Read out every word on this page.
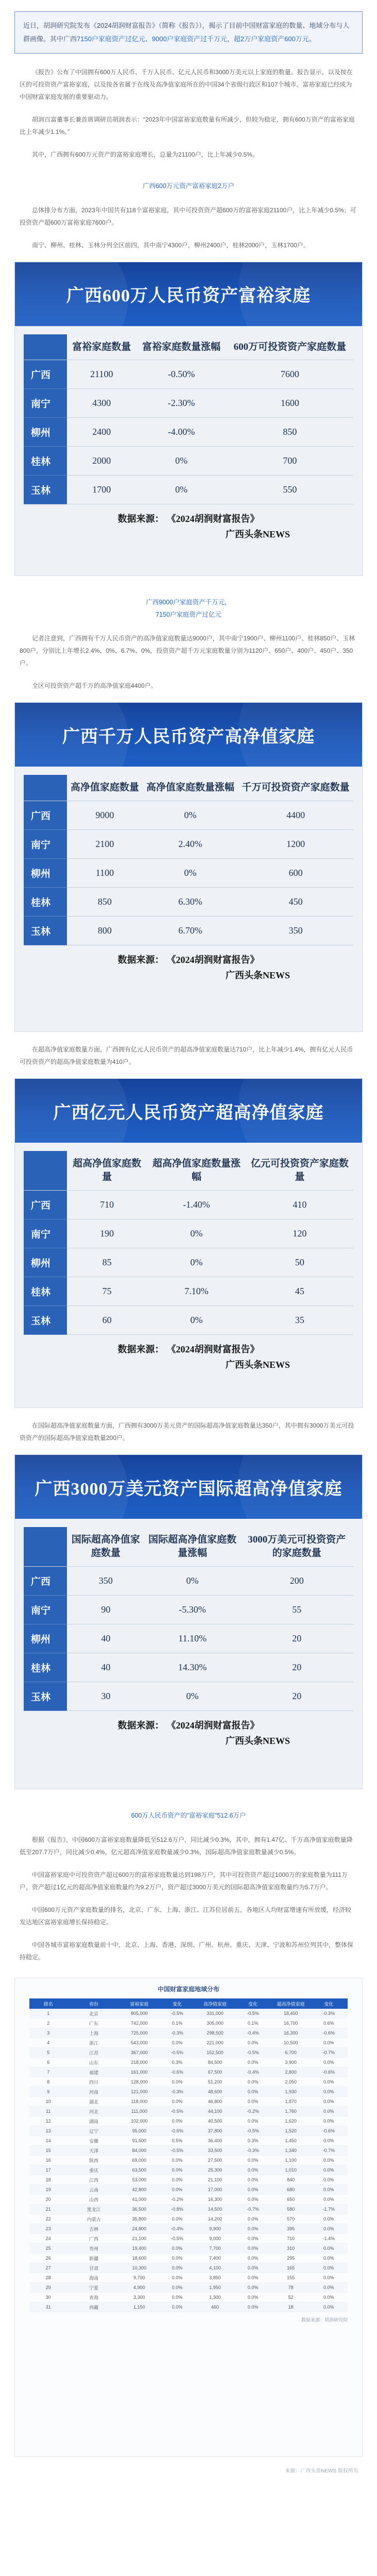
近日，胡润研究院发布《2024胡润财富报告》（简称《报告》），揭示了目前中国财富家庭的数量、地域分布与人群画像。其中广西7150户家庭资产过亿元、9000户家庭资产过千万元，超2万户家庭资产600万元。

《报告》公布了中国拥有600万人民币、千万人民币、亿元人民币和3000万美元以上家庭的数量。报告显示，以及按在区的可投资资产富裕家庭，以及按各省属于在线及高净值家庭所在的中国34个省级行政区和107个城市。富裕家庭已经成为中国财富家庭发展的重要驱动力。

胡润百富董事长兼首席调研员胡润表示：“2023年中国富裕家庭数量有所减少，但较为稳定，拥有600万资产的富裕家庭比上年减少1.1%。”

其中，广西拥有600万元资产的富裕家庭增长，总量为21100户，比上年减少0.5%。

广西600万元资产富裕家庭2万户

总体排分布方面，2023年中国共有118个富裕家庭，其中可投资资产超600万的富裕家庭21100户，比上年减少0.5%；可投资资产超600万富裕家庭7600户。

南宁、柳州、桂林、玉林分列全区前四，其中南宁4300户，柳州2400户，桂林2000户，玉林1700户。

广西600万人民币资产富裕家庭
	富裕家庭数量	富裕家庭数量涨幅	600万可投资资产家庭数量
广西	21100	-0.50%	7600
南宁	4300	-2.30%	1600
柳州	2400	-4.00%	850
桂林	2000	0%	700
玉林	1700	0%	550
数据来源： 《2024胡润财富报告》
广西头条NEWS
广西9000户家庭资产千万元，
7150户家庭资产过亿元

记者注意到，广西拥有千万人民币资产的高净值家庭数量达9000户，其中南宁1900户、柳州1100户、桂林850户、玉林800户，分别比上年增长2.4%、0%、6.7%、0%，投资资产超千万元家庭数量分别为1120户、650户、400户、450户、350户。

全区可投资资产超千万的高净值家庭4400户。

广西千万人民币资产高净值家庭
	高净值家庭数量	高净值家庭数量涨幅	千万可投资资产家庭数量
广西	9000	0%	4400
南宁	2100	2.40%	1200
柳州	1100	0%	600
桂林	850	6.30%	450
玉林	800	6.70%	350
数据来源： 《2024胡润财富报告》
广西头条NEWS

在超高净值家庭数量方面，广西拥有亿元人民币资产的超高净值家庭数量达710户，比上年减少1.4%，拥有亿元人民币可投资资产的超高净值家庭数量为410户。

广西亿元人民币资产超高净值家庭
	超高净值家庭数量	超高净值家庭数量涨幅	亿元可投资资产家庭数量
广西	710	-1.40%	410
南宁	190	0%	120
柳州	85	0%	50
桂林	75	7.10%	45
玉林	60	0%	35
数据来源： 《2024胡润财富报告》
广西头条NEWS

在国际超高净值家庭数量方面，广西拥有3000万美元资产的国际超高净值家庭数量达350户，其中拥有3000万美元可投资资产的国际超高净值家庭数量200户。

广西3000万美元资产国际超高净值家庭
	国际超高净值家庭数量	国际超高净值家庭数量涨幅	3000万美元可投资资产的家庭数量
广西	350	0%	200
南宁	90	-5.30%	55
柳州	40	11.10%	20
桂林	40	14.30%	20
玉林	30	0%	20
数据来源： 《2024胡润财富报告》
广西头条NEWS
600万人民币资产的“富裕家庭”512.6万户

根据《报告》，中国600万富裕家庭数量降低至512.6万户，同比减少0.3%，其中，拥有1.47亿、千万高净值家庭数量降低至207.7万户，同比减少0.4%，亿元超高净值家庭数量减少0.3%，国际超高净值家庭数量减少0.5%。

中国富裕家庭中可投资资产超过600万的富裕家庭数量达到198万户，其中可投资资产超过1000万的家庭数量为111万户，资产超过1亿元的超高净值家庭数量约为9.2万户，资产超过3000万美元的国际超高净值家庭数量约为5.7万户。

中国600万元资产家庭数量的排名，北京、广东、上海、浙江、江苏位居前五，各地区人均财富增速有所放缓，经济较发达地区富裕家庭增长保持稳定。

中国各城市富裕家庭数量前十中，北京、上海、香港、深圳、广州、杭州、重庆、天津、宁波和苏州位列其中，整体保持稳定。

中国财富家庭地域分布
排名	省份	富裕家庭	变化	高净值家庭	变化	超高净值家庭	变化
1	北京	805,000	-0.5%	331,000	-0.5%	18,400	-0.3%
2	广东	742,000	0.1%	305,000	0.1%	16,700	0.6%
3	上海	725,000	-0.3%	298,500	-0.4%	16,300	-0.6%
4	浙江	543,000	0.0%	221,000	0.0%	10,500	0.0%
5	江苏	367,000	-0.5%	152,500	-0.5%	6,700	-0.7%
6	山东	218,000	0.3%	84,500	0.0%	3,900	0.0%
7	福建	161,000	-0.6%	67,500	-0.4%	2,800	-0.6%
8	四川	128,000	0.0%	51,200	0.0%	2,050	0.0%
9	河南	121,000	-0.3%	48,600	0.0%	1,930	0.0%
10	湖北	118,000	0.0%	46,800	0.0%	1,870	0.0%
11	河北	111,000	-0.5%	44,100	-0.2%	1,760	0.0%
12	湖南	102,000	0.0%	40,500	0.0%	1,620	0.0%
13	辽宁	95,000	-0.6%	37,800	-0.5%	1,520	-0.6%
14	安徽	91,500	0.5%	36,400	0.3%	1,450	0.0%
15	天津	84,000	-0.5%	33,500	-0.3%	1,340	-0.7%
16	陕西	69,000	0.0%	27,500	0.0%	1,100	0.0%
17	重庆	63,500	0.0%	25,300	0.0%	1,010	0.0%
18	江西	53,000	0.0%	21,100	0.0%	840	0.0%
19	云南	42,800	0.0%	17,000	0.0%	680	0.0%
20	山西	41,000	-0.2%	16,300	0.0%	650	0.0%
21	黑龙江	36,500	-0.8%	14,500	-0.7%	580	-1.7%
22	内蒙古	35,800	0.0%	14,200	0.0%	570	0.0%
23	吉林	24,800	-0.4%	9,900	0.0%	395	0.0%
24	广西	21,100	-0.5%	9,000	0.0%	710	-1.4%
25	贵州	19,400	0.0%	7,700	0.0%	310	0.0%
26	新疆	18,600	0.0%	7,400	0.0%	295	0.0%
27	甘肃	10,300	0.0%	4,100	0.0%	165	0.0%
28	海南	9,700	0.0%	3,850	0.0%	155	0.0%
29	宁夏	4,900	0.0%	1,950	0.0%	78	0.0%
30	青海	3,300	0.0%	1,300	0.0%	52	0.0%
31	西藏	1,150	0.0%	460	0.0%	18	0.0%
数据来源：胡润研究院
来源：广西头条NEWS 版权所有
